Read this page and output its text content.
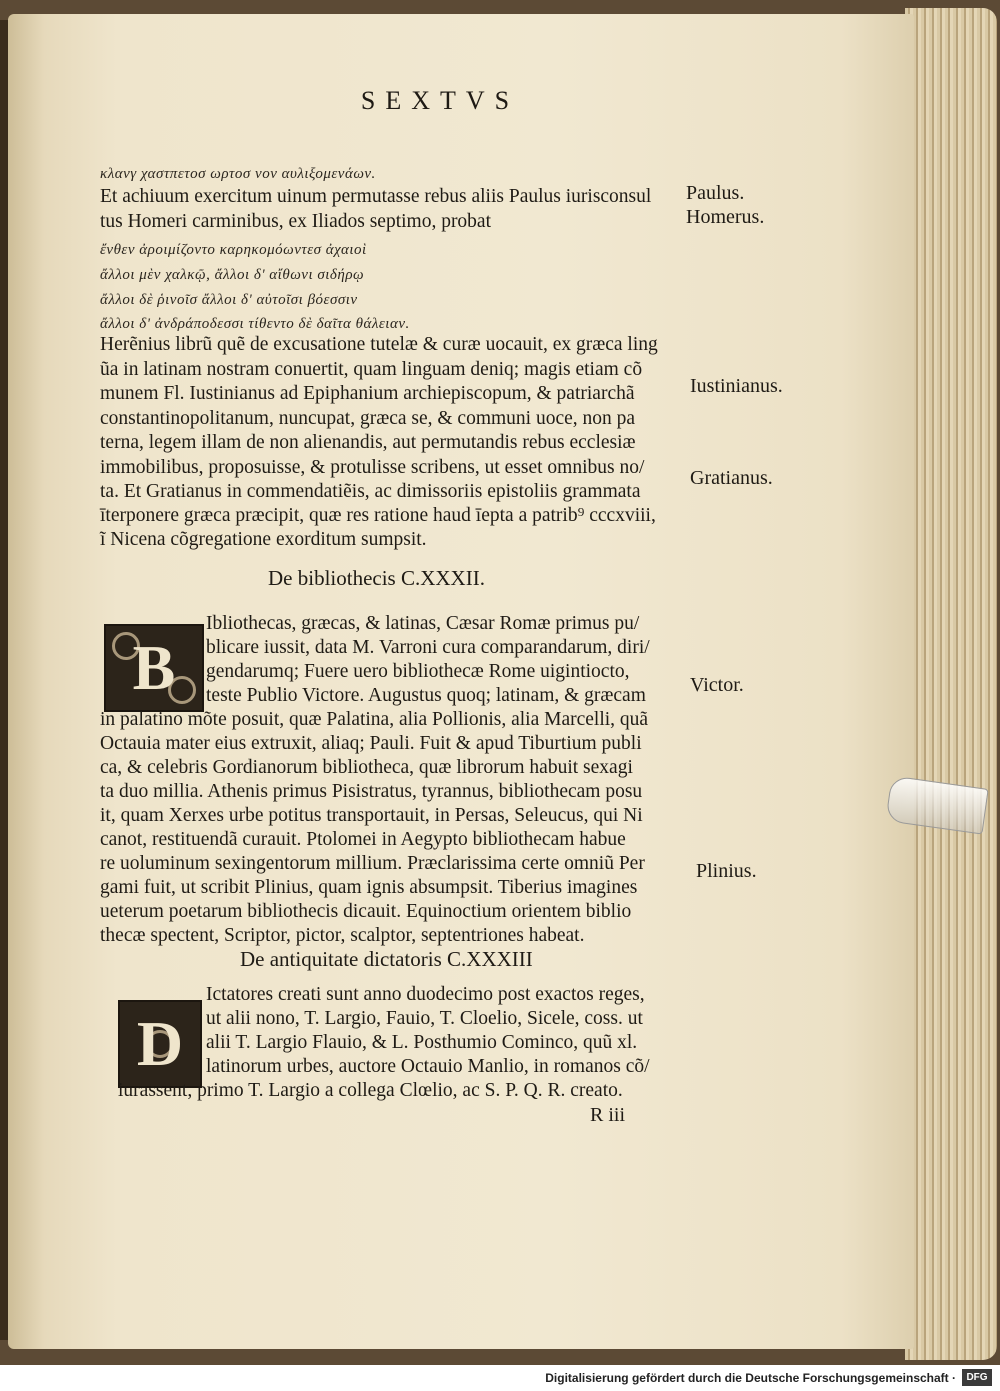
SEXTVS
κλανγ χαστπετοσ ωρτοσ νον αυλιξομενάων.
Et achiuum exercitum uinum permutasse rebus aliis Paulus iurisconsul
tus Homeri carminibus, ex Iliados septimo, probat
ἔνθεν ἀροιμίζοντο καρηκομόωντεσ ἀχαιοὶ
ἄλλοι μὲν χαλκῷ, ἄλλοι δ' αἴθωνι σιδήρῳ
ἄλλοι δὲ ῥινοῖσ ἄλλοι δ' αὐτοῖσι βόεσσιν
ἄλλοι δ' ἀνδράποδεσσι τίθεντο δὲ δαῖτα θάλειαν.
Herẽnius librũ quẽ de excusatione tutelæ & curæ uocauit, ex græca ling
ũa in latinam nostram conuertit, quam linguam deniq; magis etiam cõ
munem Fl. Iustinianus ad Epiphanium archiepiscopum, & patriarchã
constantinopolitanum, nuncupat, græca se, & communi uoce, non pa
terna, legem illam de non alienandis, aut permutandis rebus ecclesiæ
immobilibus, proposuisse, & protulisse scribens, ut esset omnibus no/
ta. Et Gratianus in commendatiẽis, ac dimissoriis epistoliis grammata
īterponere græca præcipit, quæ res ratione haud īepta a patrib⁹ cccxviii,
ĩ Nicena cõgregatione exorditum sumpsit.
De bibliothecis C.XXXII.
B
Ibliothecas, græcas, & latinas, Cæsar Romæ primus pu/
blicare iussit, data M. Varroni cura comparandarum, diri/
gendarumq; Fuere uero bibliothecæ Rome uigintiocto,
teste Publio Victore. Augustus quoq; latinam, & græcam
in palatino mõte posuit, quæ Palatina, alia Pollionis, alia Marcelli, quã
Octauia mater eius extruxit, aliaq; Pauli. Fuit & apud Tiburtium publi
ca, & celebris Gordianorum bibliotheca, quæ librorum habuit sexagi
ta duo millia. Athenis primus Pisistratus, tyrannus, bibliothecam posu
it, quam Xerxes urbe potitus transportauit, in Persas, Seleucus, qui Ni
canot, restituendã curauit. Ptolomei in Aegypto bibliothecam habue
re uoluminum sexingentorum millium. Præclarissima certe omniũ Per
gami fuit, ut scribit Plinius, quam ignis absumpsit. Tiberius imagines
ueterum poetarum bibliothecis dicauit. Equinoctium orientem biblio
thecæ spectent, Scriptor, pictor, scalptor, septentriones habeat.
De antiquitate dictatoris C.XXXIII
D
Ictatores creati sunt anno duodecimo post exactos reges,
ut alii nono, T. Largio, Fauio, T. Cloelio, Sicele, coss. ut
alii T. Largio Flauio, & L. Posthumio Cominco, quũ xl.
latinorum urbes, auctore Octauio Manlio, in romanos cõ/
iurassent, primo T. Largio a collega Clœlio, ac S. P. Q. R. creato.
R iii
Paulus.
Homerus.
Iustinianus.
Gratianus.
Victor.
Plinius.
Digitalisierung gefördert durch die Deutsche Forschungsgemeinschaft ·	DFG
